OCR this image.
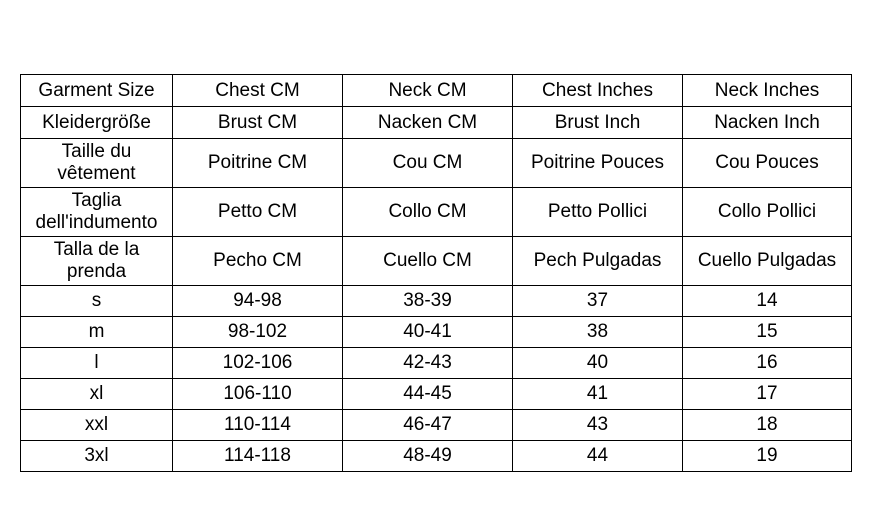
Garment Size	Chest CM	Neck CM	Chest Inches	Neck Inches
Kleidergröße	Brust CM	Nacken CM	Brust Inch	Nacken Inch
Taille du vêtement	Poitrine CM	Cou CM	Poitrine Pouces	Cou Pouces
Taglia dell'indumento	Petto CM	Collo CM	Petto Pollici	Collo Pollici
Talla de la prenda	Pecho CM	Cuello CM	Pech Pulgadas	Cuello Pulgadas
s	94-98	38-39	37	14
m	98-102	40-41	38	15
l	102-106	42-43	40	16
xl	106-110	44-45	41	17
xxl	110-114	46-47	43	18
3xl	114-118	48-49	44	19
